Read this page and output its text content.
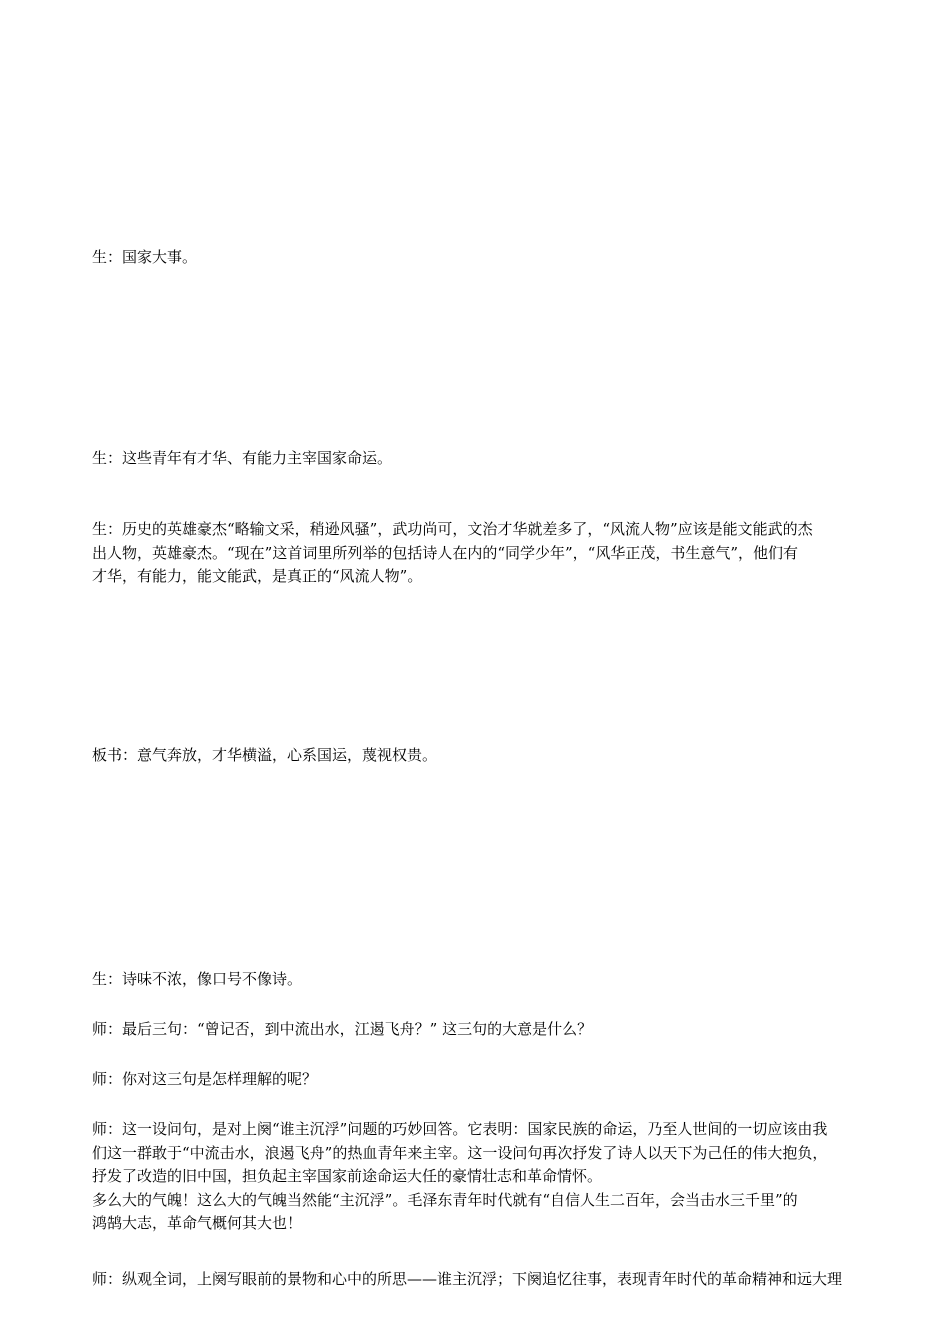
生：国家大事。

生：这些青年有才华、有能力主宰国家命运。

生：历史的英雄豪杰“略输文采，稍逊风骚”，武功尚可，文治才华就差多了，“风流人物”应该是能文能武的杰
出人物，英雄豪杰。“现在”这首词里所列举的包括诗人在内的“同学少年”，“风华正茂，书生意气”，他们有
才华，有能力，能文能武，是真正的“风流人物”。

板书：意气奔放，才华横溢，心系国运，蔑视权贵。

生：诗味不浓，像口号不像诗。

师：最后三句：“曾记否，到中流出水，江遏飞舟？” 这三句的大意是什么？

师：你对这三句是怎样理解的呢？

师：这一设问句，是对上阕“谁主沉浮”问题的巧妙回答。它表明：国家民族的命运，乃至人世间的一切应该由我
们这一群敢于“中流击水，浪遏飞舟”的热血青年来主宰。这一设问句再次抒发了诗人以天下为己任的伟大抱负，
抒发了改造的旧中国，担负起主宰国家前途命运大任的豪情壮志和革命情怀。
多么大的气魄！这么大的气魄当然能“主沉浮”。毛泽东青年时代就有“自信人生二百年，会当击水三千里”的
鸿鹄大志，革命气概何其大也！

师：纵观全词，上阕写眼前的景物和心中的所思——谁主沉浮；下阕追忆往事，表现青年时代的革命精神和远大理
